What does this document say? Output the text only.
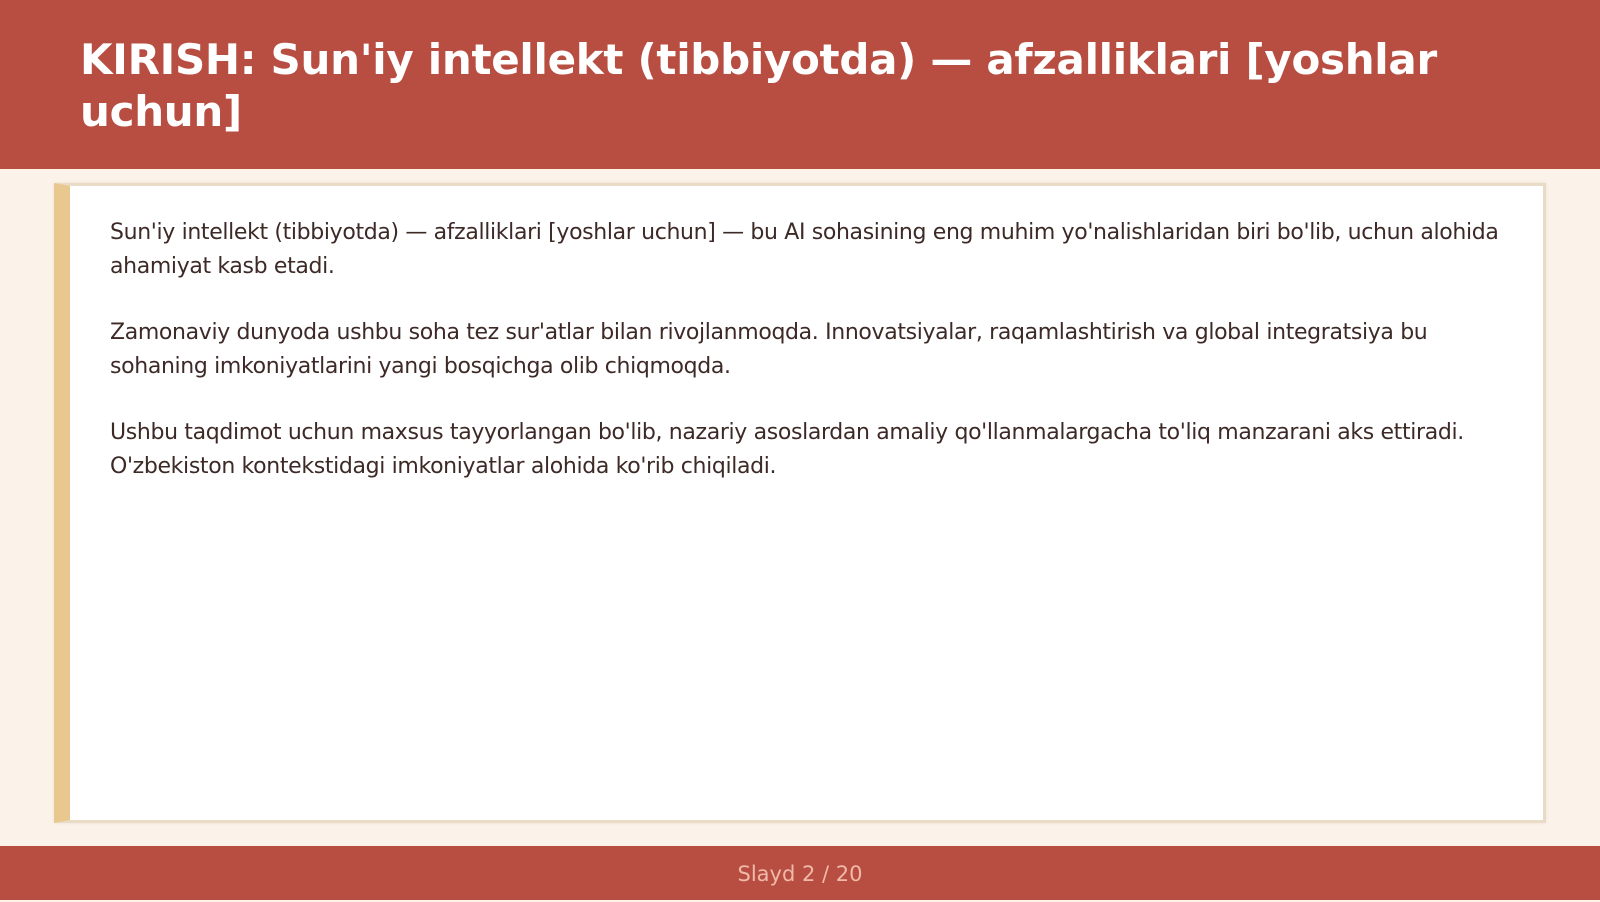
KIRISH: Sun'iy intellekt (tibbiyotda) — afzalliklari [yoshlar uchun]

Sun'iy intellekt (tibbiyotda) — afzalliklari [yoshlar uchun] — bu AI sohasining eng muhim yo'nalishlaridan biri bo'lib, uchun alohida ahamiyat kasb etadi.

Zamonaviy dunyoda ushbu soha tez sur'atlar bilan rivojlanmoqda. Innovatsiyalar, raqamlashtirish va global integratsiya bu sohaning imkoniyatlarini yangi bosqichga olib chiqmoqda.

Ushbu taqdimot uchun maxsus tayyorlangan bo'lib, nazariy asoslardan amaliy qo'llanmalargacha to'liq manzarani aks ettiradi. O'zbekiston kontekstidagi imkoniyatlar alohida ko'rib chiqiladi.

Slayd 2 / 20
